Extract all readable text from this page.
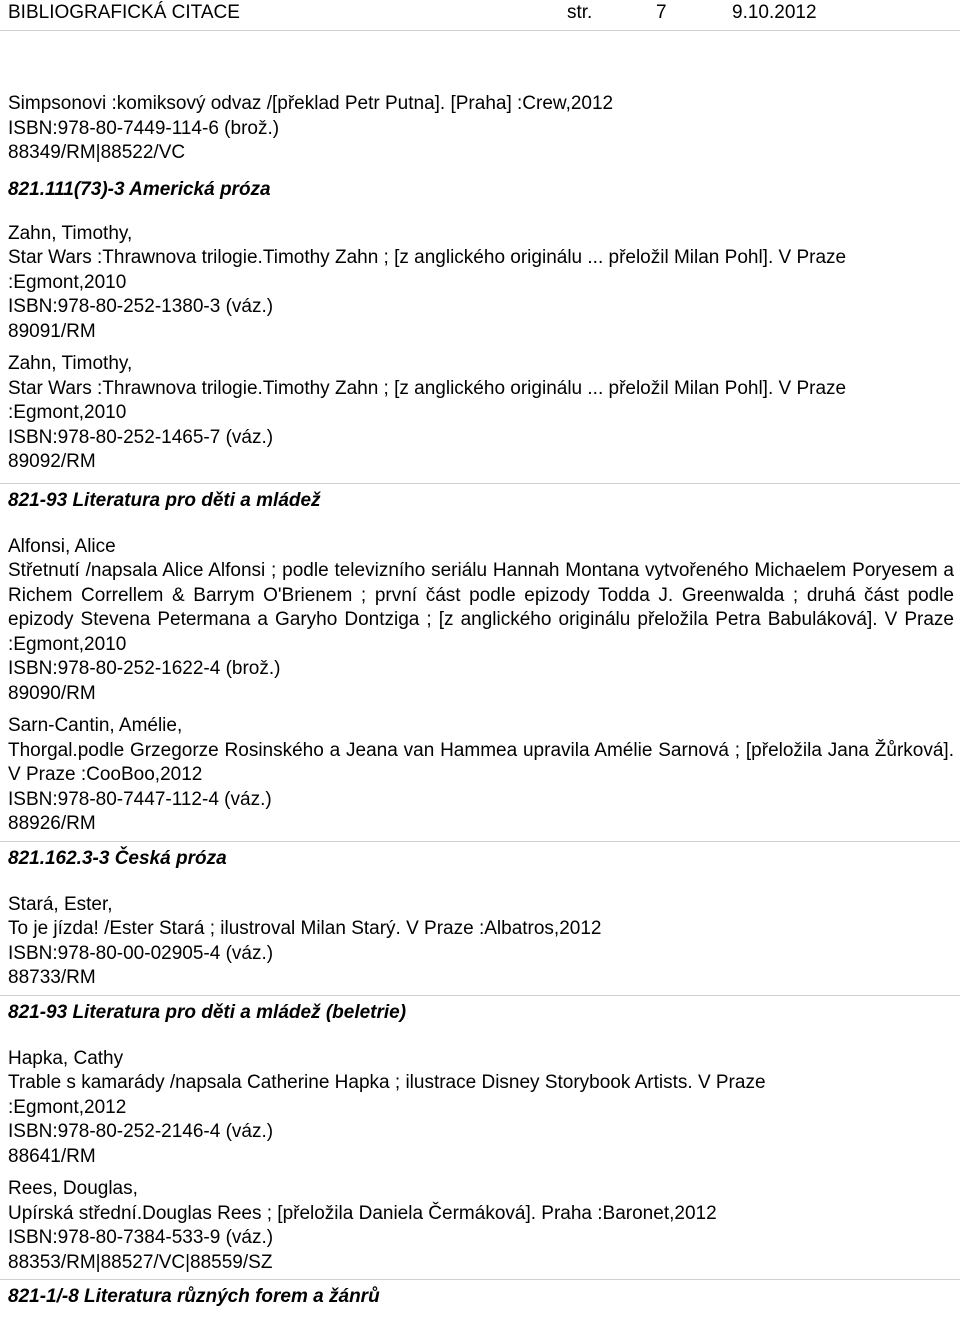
BIBLIOGRAFICKÁ CITACE	str.	7	9.10.2012
Simpsonovi :komiksový odvaz /[překlad Petr Putna]. [Praha] :Crew,2012
ISBN:978-80-7449-114-6 (brož.)
88349/RM|88522/VC
821.111(73)-3 Americká próza
Zahn, Timothy,
Star Wars :Thrawnova trilogie.Timothy Zahn ; [z anglického originálu ... přeložil Milan Pohl]. V Praze
:Egmont,2010
ISBN:978-80-252-1380-3 (váz.)
89091/RM
Zahn, Timothy,
Star Wars :Thrawnova trilogie.Timothy Zahn ; [z anglického originálu ... přeložil Milan Pohl]. V Praze
:Egmont,2010
ISBN:978-80-252-1465-7 (váz.)
89092/RM
821-93 Literatura pro děti a mládež
Alfonsi, Alice
Střetnutí /napsala Alice Alfonsi ; podle televizního seriálu Hannah Montana vytvořeného Michaelem Poryesem a Richem Correllem & Barrym O'Brienem ; první část podle epizody Todda J. Greenwalda ; druhá část podle epizody Stevena Petermana a Garyho Dontziga ; [z anglického originálu přeložila Petra Babuláková]. V Praze :Egmont,2010
ISBN:978-80-252-1622-4 (brož.)
89090/RM
Sarn-Cantin, Amélie,
Thorgal.podle Grzegorze Rosinského a Jeana van Hammea upravila Amélie Sarnová ; [přeložila Jana Žůrková]. V Praze :CooBoo,2012
ISBN:978-80-7447-112-4 (váz.)
88926/RM
821.162.3-3 Česká próza
Stará, Ester,
To je jízda! /Ester Stará ; ilustroval Milan Starý. V Praze :Albatros,2012
ISBN:978-80-00-02905-4 (váz.)
88733/RM
821-93 Literatura pro děti a mládež (beletrie)
Hapka, Cathy
Trable s kamarády /napsala Catherine Hapka ; ilustrace Disney Storybook Artists. V Praze
:Egmont,2012
ISBN:978-80-252-2146-4 (váz.)
88641/RM
Rees, Douglas,
Upírská střední.Douglas Rees ; [přeložila Daniela Čermáková]. Praha :Baronet,2012
ISBN:978-80-7384-533-9 (váz.)
88353/RM|88527/VC|88559/SZ
821-1/-8 Literatura různých forem a žánrů
